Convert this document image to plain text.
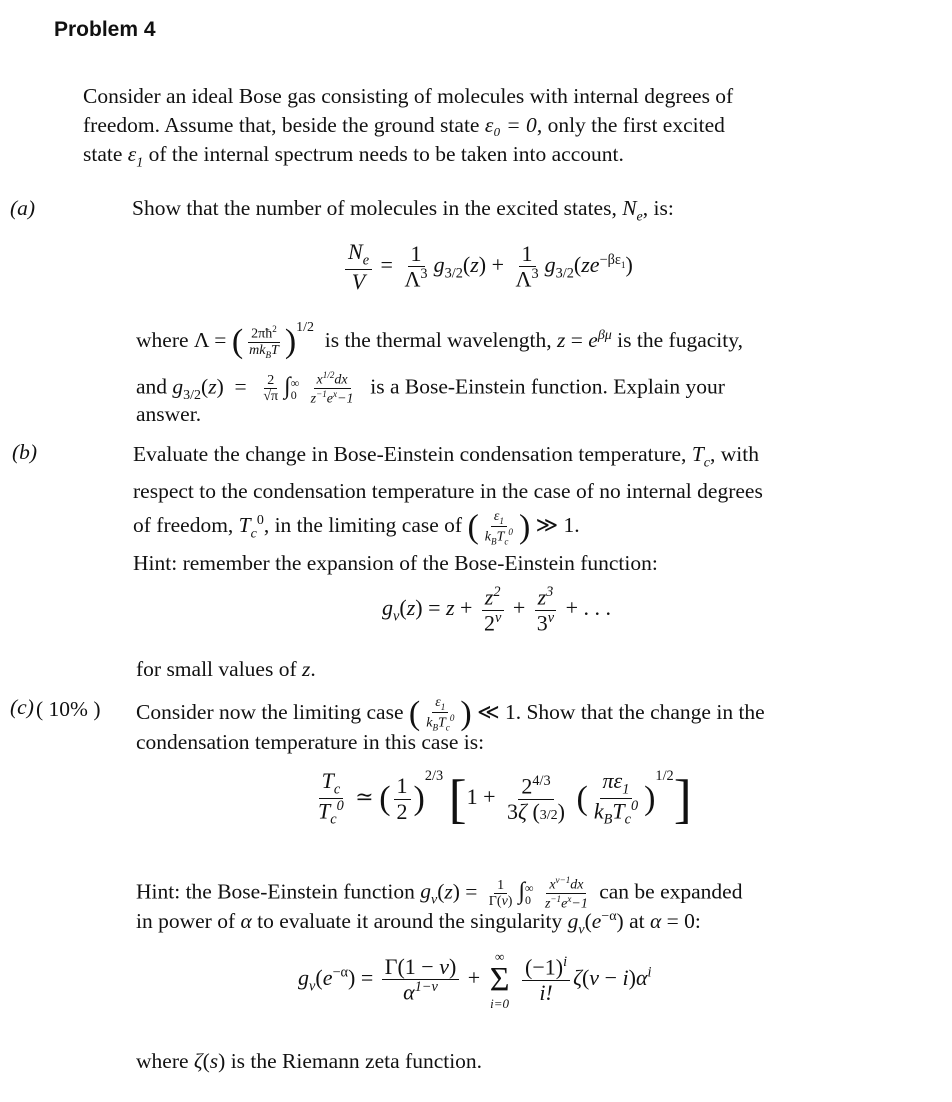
Problem 4

Consider an ideal Bose gas consisting of molecules with internal degrees of

freedom. Assume that, beside the ground state ε₀ = 0, only the first excited

state $\varepsilon_1$ of the internal spectrum needs to be taken into account.

(a)	Show that the number of molecules in the excited states, $N_e$, is:
$\frac{N_e}{V} = \frac{1}{\Lambda^3} g_{3/2}(z) + \frac{1}{\Lambda^3} g_{3/2}(ze^{-\beta\varepsilon_1})$
where Λ = ( $\frac{2\pi ħ^2}{mk_BT} )^{1/2}$  is the thermal wavelength, $z = e^{\beta\mu}$ is the fugacity,
and $g_{3/2}(z) = \frac{2}{√\pi}$ ∫ ∞
0
$\frac{x^{1/2}dx}{z^{-1}e^x-1}$ is a Bose-Einstein function. Explain your
answer.
(b)	Evaluate the change in Bose-Einstein condensation temperature, $T_c$, with
respect to the condensation temperature in the case of no internal degrees
of freedom, $T_c^0$, in the limiting case of ( $\frac{\varepsilon_1}{k_BT_c^0}$ ) ≫ 1.
Hint: remember the expansion of the Bose-Einstein function:
$g_\nu(z) = z + \frac{z^2}{2^\nu} + \frac{z^3}{3^\nu}$ + . . .
for small values of z.
(c) ( 10% ) Consider now the limiting case ( $\frac{\varepsilon_1}{k_BT_c^0}$ ) ≪ 1. Show that the change in the
condensation temperature in this case is:
$\frac{T_c}{T_c^0}$ ≃ ( $\frac{1}{2} )^{2/3}$ [$1 + \frac{2^{4/3}}{3\zeta (3/2)}$ ( $\frac{\pi\varepsilon_1}{k_BT_c^0} )^{1/2}$]
Hint: the Bose-Einstein function $g_\nu(z) = \frac{1}{\Gamma(\nu)}$ ∫ ∞
0
$\frac{x^{\nu-1}dx}{z^{-1}e^x-1}$ can be expanded
in power of α to evaluate it around the singularity $g_\nu(e^{-\alpha})$ at α = 0:
$g_\nu(e^{-\alpha}) = \frac{\Gamma(1 - \nu)}{\alpha^{1-\nu}}$ +
∞
Σ
i=0
$\frac{(-1)^i}{i!} \zeta(\nu - i)\alpha^i$
where ζ(s) is the Riemann zeta function.
